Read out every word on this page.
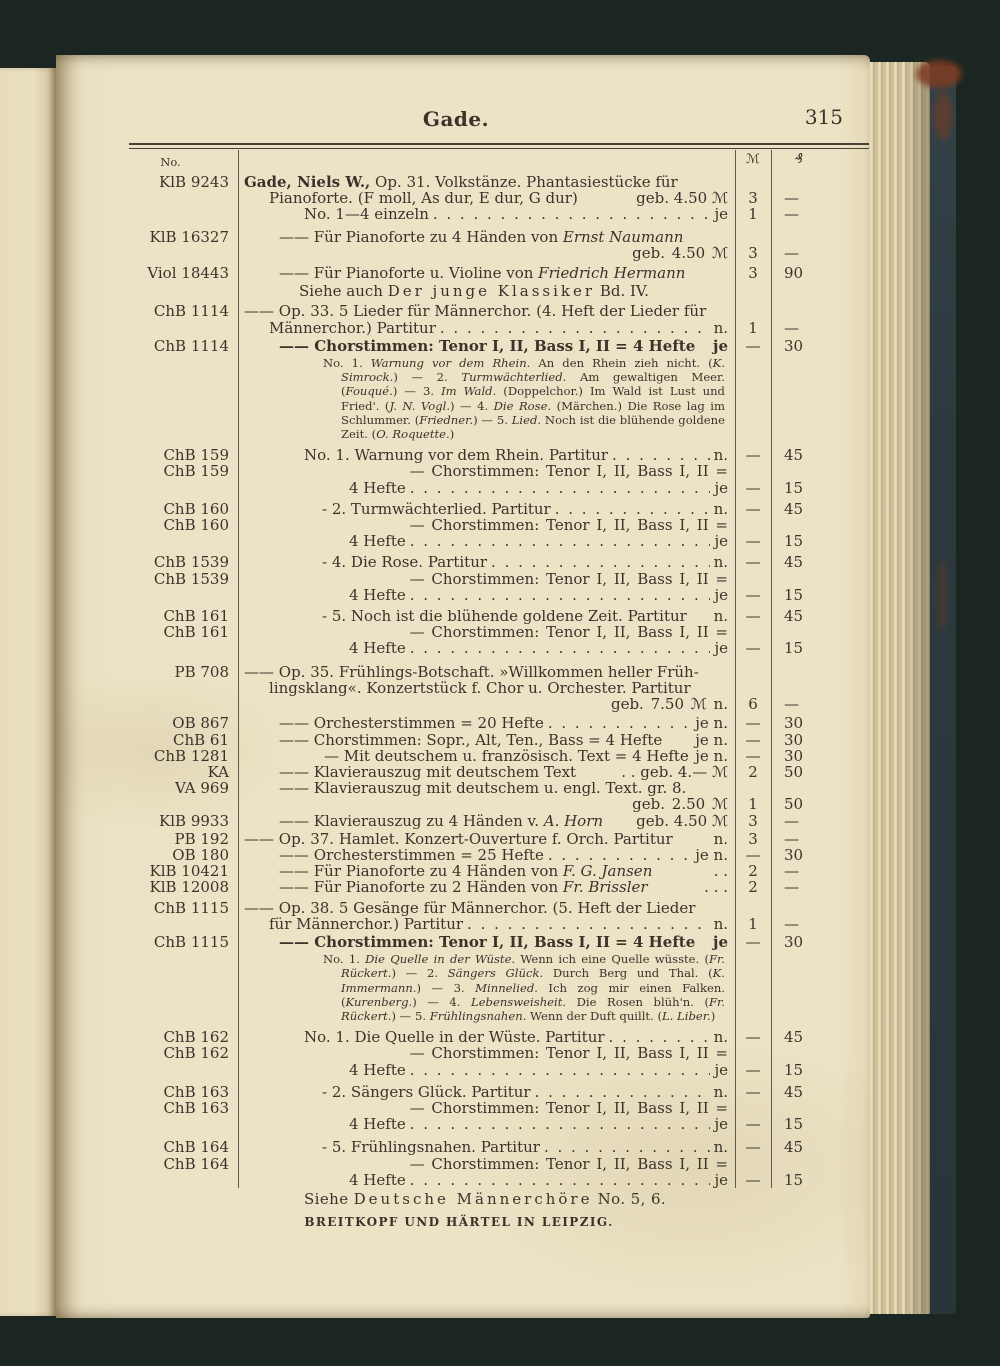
Gade.	315
No.	ℳ	₰
KlB 9243	Gade, Niels W., Op. 31. Volkstänze. Phantasiestücke für
Pianoforte. (F moll, As dur, E dur, G dur)	geb. 4.50 ℳ	3	—
No. 1—4 einzeln . . .	je	1	—
KlB 16327	—— Für Pianoforte zu 4 Händen von Ernst Naumann
geb. 4.50 ℳ	3	—
Viol 18443	—— Für Pianoforte u. Violine von Friedrich Hermann	3	90
Siehe auch Der junge Klassiker Bd. IV.
ChB 1114	—— Op. 33. 5 Lieder für Männerchor. (4. Heft der Lieder für
Männerchor.) Partitur . . .	n.	1	—
ChB 1114	—— Chorstimmen: Tenor I, II, Bass I, II = 4 Hefte je	—	30
No. 1. Warnung vor dem Rhein. An den Rhein zieh nicht. (K. Simrock.) — 2. Turmwächterlied. Am gewaltigen Meer. (Fouqué.) — 3. Im Wald. (Doppelchor.) Im Wald ist Lust und Fried'. (J. N. Vogl.) — 4. Die Rose. (Märchen.) Die Rose lag im Schlummer. (Friedner.) — 5. Lied. Noch ist die blühende goldene Zeit. (O. Roquette.)
ChB 159	No. 1. Warnung vor dem Rhein. Partitur . . .	n.	—	45
ChB 159	— Chorstimmen: Tenor I, II, Bass I, II =
4 Hefte . . .	je	—	15
ChB 160	- 2. Turmwächterlied. Partitur . . .	n.	—	45
ChB 160	— Chorstimmen: Tenor I, II, Bass I, II =
4 Hefte . . .	je	—	15
ChB 1539	- 4. Die Rose. Partitur . . .	n.	—	45
ChB 1539	— Chorstimmen: Tenor I, II, Bass I, II =
4 Hefte . . .	je	—	15
ChB 161	- 5. Noch ist die blühende goldene Zeit. Partitur n.	—	45
ChB 161	— Chorstimmen: Tenor I, II, Bass I, II =
4 Hefte . . .	je	—	15
PB 708	—— Op. 35. Frühlings-Botschaft. »Willkommen heller Früh-
lingsklang«. Konzertstück f. Chor u. Orchester. Partitur
geb. 7.50 ℳ n.	6	—
OB 867	—— Orchesterstimmen = 20 Hefte . . .	je n.	—	30
ChB 61	—— Chorstimmen: Sopr., Alt, Ten., Bass = 4 Hefte je n.	—	30
ChB 1281	— Mit deutschem u. französisch. Text = 4 Hefte je n.	—	30
KA	—— Klavierauszug mit deutschem Text	. . geb. 4.— ℳ	2	50
VA 969	—— Klavierauszug mit deutschem u. engl. Text. gr. 8.
geb. 2.50 ℳ	1	50
KlB 9933	—— Klavierauszug zu 4 Händen v. A. Horn geb. 4.50 ℳ	3	—
PB 192	—— Op. 37. Hamlet. Konzert-Ouverture f. Orch. Partitur	n.	3	—
OB 180	—— Orchesterstimmen = 25 Hefte . . .	je n.	—	30
KlB 10421	—— Für Pianoforte zu 4 Händen von F. G. Jansen	. .	2	—
KlB 12008	—— Für Pianoforte zu 2 Händen von Fr. Brissler	. . .	2	—
ChB 1115	—— Op. 38. 5 Gesänge für Männerchor. (5. Heft der Lieder
für Männerchor.) Partitur . . .	n.	1	—
ChB 1115	—— Chorstimmen: Tenor I, II, Bass I, II = 4 Hefte je	—	30
No. 1. Die Quelle in der Wüste. Wenn ich eine Quelle wüsste. (Fr. Rückert.) — 2. Sängers Glück. Durch Berg und Thal. (K. Immermann.) — 3. Minnelied. Ich zog mir einen Falken. (Kurenberg.) — 4. Lebensweisheit. Die Rosen blüh'n. (Fr. Rückert.) — 5. Frühlingsnahen. Wenn der Duft quillt. (L. Liber.)
ChB 162	No. 1. Die Quelle in der Wüste. Partitur . . .	n.	—	45
ChB 162	— Chorstimmen: Tenor I, II, Bass I, II =
4 Hefte . . .	je	—	15
ChB 163	- 2. Sängers Glück. Partitur . . .	n.	—	45
ChB 163	— Chorstimmen: Tenor I, II, Bass I, II =
4 Hefte . . .	je	—	15
ChB 164	- 5. Frühlingsnahen. Partitur . . .	n.	—	45
ChB 164	— Chorstimmen: Tenor I, II, Bass I, II =
4 Hefte . . .	je	—	15
Siehe Deutsche Männerchöre No. 5, 6.
BREITKOPF UND HÄRTEL IN LEIPZIG.
